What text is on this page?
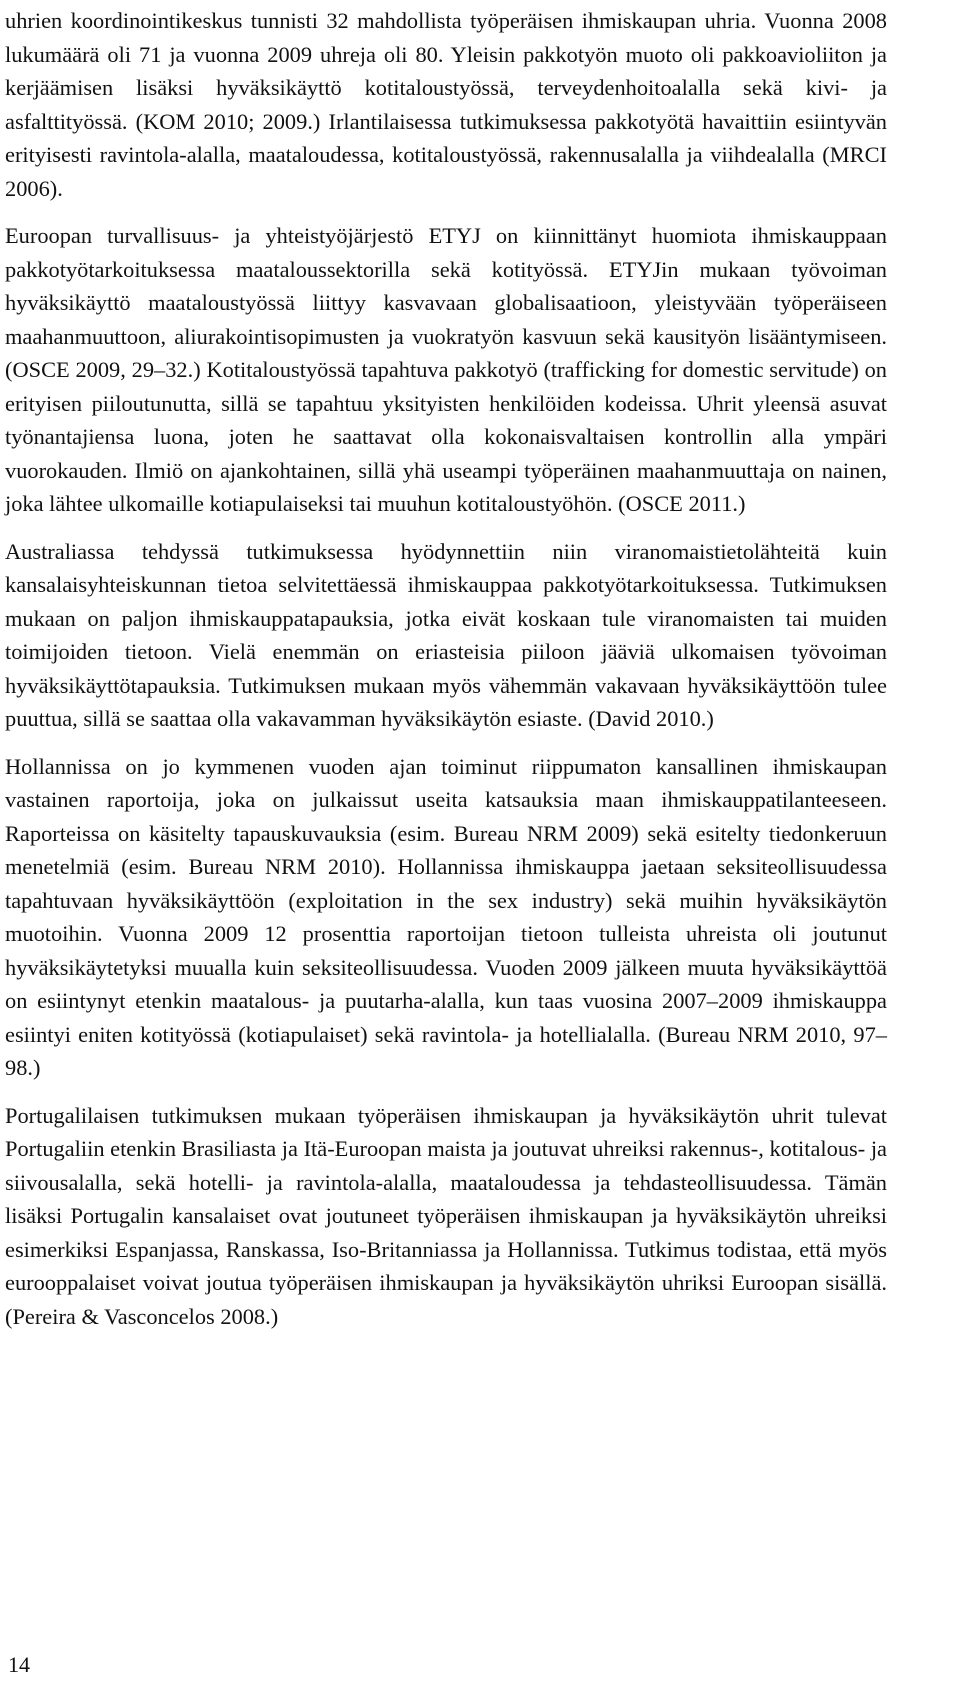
uhrien koordinointikeskus tunnisti 32 mahdollista työperäisen ihmiskaupan uhria. Vuonna 2008 lukumäärä oli 71 ja vuonna 2009 uhreja oli 80. Yleisin pakkotyön muoto oli pakkoavioliiton ja kerjäämisen lisäksi hyväksikäyttö kotitaloustyössä, terveydenhoitoalalla sekä kivi- ja asfalttityössä. (KOM 2010; 2009.) Irlantilaisessa tutkimuksessa pakkotyötä havaittiin esiintyvän erityisesti ravintola-alalla, maataloudessa, kotitaloustyössä, rakennusalalla ja viihdealalla (MRCI 2006).

Euroopan turvallisuus- ja yhteistyöjärjestö ETYJ on kiinnittänyt huomiota ihmiskauppaan pakkotyötarkoituksessa maataloussektorilla sekä kotityössä. ETYJin mukaan työvoiman hyväksikäyttö maataloustyössä liittyy kasvavaan globalisaatioon, yleistyvään työperäiseen maahanmuuttoon, aliurakointisopimusten ja vuokratyön kasvuun sekä kausityön lisääntymiseen. (OSCE 2009, 29–32.) Kotitaloustyössä tapahtuva pakkotyö (trafficking for domestic servitude) on erityisen piiloutunutta, sillä se tapahtuu yksityisten henkilöiden kodeissa. Uhrit yleensä asuvat työnantajiensa luona, joten he saattavat olla kokonaisvaltaisen kontrollin alla ympäri vuorokauden. Ilmiö on ajankohtainen, sillä yhä useampi työperäinen maahanmuuttaja on nainen, joka lähtee ulkomaille kotiapulaiseksi tai muuhun kotitaloustyöhön. (OSCE 2011.)

Australiassa tehdyssä tutkimuksessa hyödynnettiin niin viranomaistietolähteitä kuin kansalaisyhteiskunnan tietoa selvitettäessä ihmiskauppaa pakkotyötarkoituksessa. Tutkimuksen mukaan on paljon ihmiskauppatapauksia, jotka eivät koskaan tule viranomaisten tai muiden toimijoiden tietoon. Vielä enemmän on eriasteisia piiloon jääviä ulkomaisen työvoiman hyväksikäyttötapauksia. Tutkimuksen mukaan myös vähemmän vakavaan hyväksikäyttöön tulee puuttua, sillä se saattaa olla vakavamman hyväksikäytön esiaste. (David 2010.)

Hollannissa on jo kymmenen vuoden ajan toiminut riippumaton kansallinen ihmiskaupan vastainen raportoija, joka on julkaissut useita katsauksia maan ihmiskauppatilanteeseen. Raporteissa on käsitelty tapauskuvauksia (esim. Bureau NRM 2009) sekä esitelty tiedonkeruun menetelmiä (esim. Bureau NRM 2010). Hollannissa ihmiskauppa jaetaan seksiteollisuudessa tapahtuvaan hyväksikäyttöön (exploitation in the sex industry) sekä muihin hyväksikäytön muotoihin. Vuonna 2009 12 prosenttia raportoijan tietoon tulleista uhreista oli joutunut hyväksikäytetyksi muualla kuin seksiteollisuudessa. Vuoden 2009 jälkeen muuta hyväksikäyttöä on esiintynyt etenkin maatalous- ja puutarha-alalla, kun taas vuosina 2007–2009 ihmiskauppa esiintyi eniten kotityössä (kotiapulaiset) sekä ravintola- ja hotellialalla. (Bureau NRM 2010, 97–98.)

Portugalilaisen tutkimuksen mukaan työperäisen ihmiskaupan ja hyväksikäytön uhrit tulevat Portugaliin etenkin Brasiliasta ja Itä-Euroopan maista ja joutuvat uhreiksi rakennus-, kotitalous- ja siivousalalla, sekä hotelli- ja ravintola-alalla, maataloudessa ja tehdasteollisuudessa. Tämän lisäksi Portugalin kansalaiset ovat joutuneet työperäisen ihmiskaupan ja hyväksikäytön uhreiksi esimerkiksi Espanjassa, Ranskassa, Iso-Britanniassa ja Hollannissa. Tutkimus todistaa, että myös eurooppalaiset voivat joutua työperäisen ihmiskaupan ja hyväksikäytön uhriksi Euroopan sisällä. (Pereira & Vasconcelos 2008.)

14
